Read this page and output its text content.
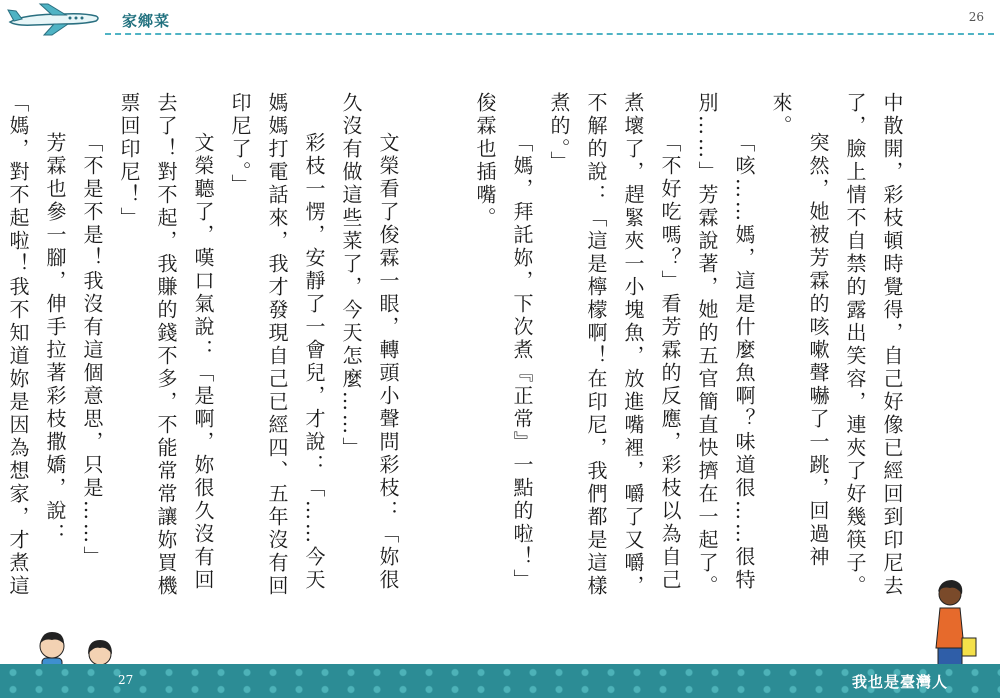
家鄉菜	26

中散開，彩枝頓時覺得，自己好像已經回到印尼去了，臉上情不自禁的露出笑容，連夾了好幾筷子。

突然，她被芳霖的咳嗽聲嚇了一跳，回過神來。

「咳……媽，這是什麼魚啊？味道很……很特別……」芳霖說著，她的五官簡直快擠在一起了。

「不好吃嗎？」看芳霖的反應，彩枝以為自己煮壞了，趕緊夾一小塊魚，放進嘴裡，嚼了又嚼，不解的說：「這是檸檬啊！在印尼，我們都是這樣煮的。」

「媽，拜託妳，下次煮『正常』一點的啦！」俊霖也插嘴。

文榮看了俊霖一眼，轉頭小聲問彩枝：「妳很久沒有做這些菜了，今天怎麼……」

彩枝一愣，安靜了一會兒，才說：「……今天媽媽打電話來，我才發現自己已經四、五年沒有回印尼了。」

文榮聽了，嘆口氣說：「是啊，妳很久沒有回去了！對不起，我賺的錢不多，不能常常讓妳買機票回印尼！」

「不是不是！我沒有這個意思，只是……」

芳霖也參一腳，伸手拉著彩枝撒嬌，說：「媽，對不起啦！我不知道妳是因為想家，才煮這

27	我也是臺灣人
